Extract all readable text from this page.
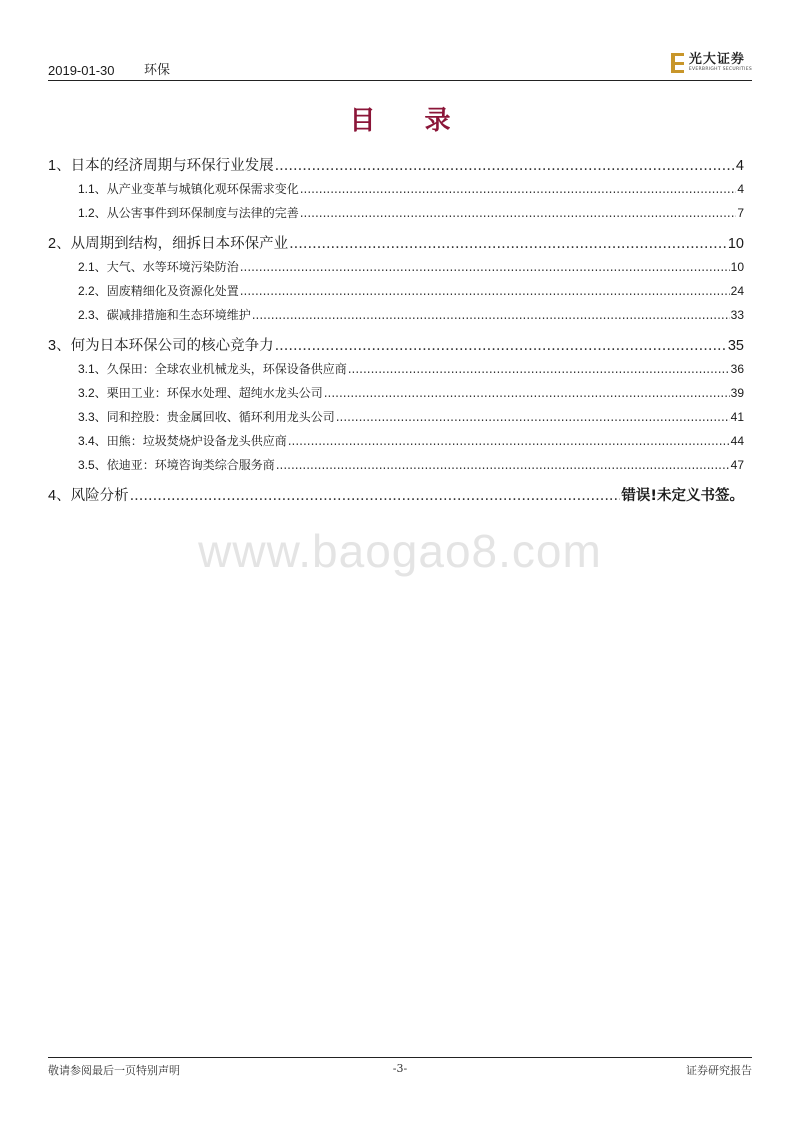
2019-01-30 环保
光大证券
EVERBRIGHT SECURITIES
目 录
1、 日本的经济周期与环保行业发展 .....	4
1.1、 从产业变革与城镇化观环保需求变化 .....	4
1.2、 从公害事件到环保制度与法律的完善 .....	7
2、 从周期到结构，细拆日本环保产业 .....	10
2.1、 大气、水等环境污染防治 .....	10
2.2、 固废精细化及资源化处置 .....	24
2.3、 碳减排措施和生态环境维护 .....	33
3、 何为日本环保公司的核心竞争力 .....	35
3.1、 久保田：全球农业机械龙头，环保设备供应商 .....	36
3.2、 栗田工业：环保水处理、超纯水龙头公司 .....	39
3.3、 同和控股：贵金属回收、循环利用龙头公司 .....	41
3.4、 田熊：垃圾焚烧炉设备龙头供应商 .....	44
3.5、 依迪亚：环境咨询类综合服务商 .....	47
4、 风险分析 .....	错误!未定义书签。
www.baogao8.com
敬请参阅最后一页特别声明	-3-	证券研究报告
